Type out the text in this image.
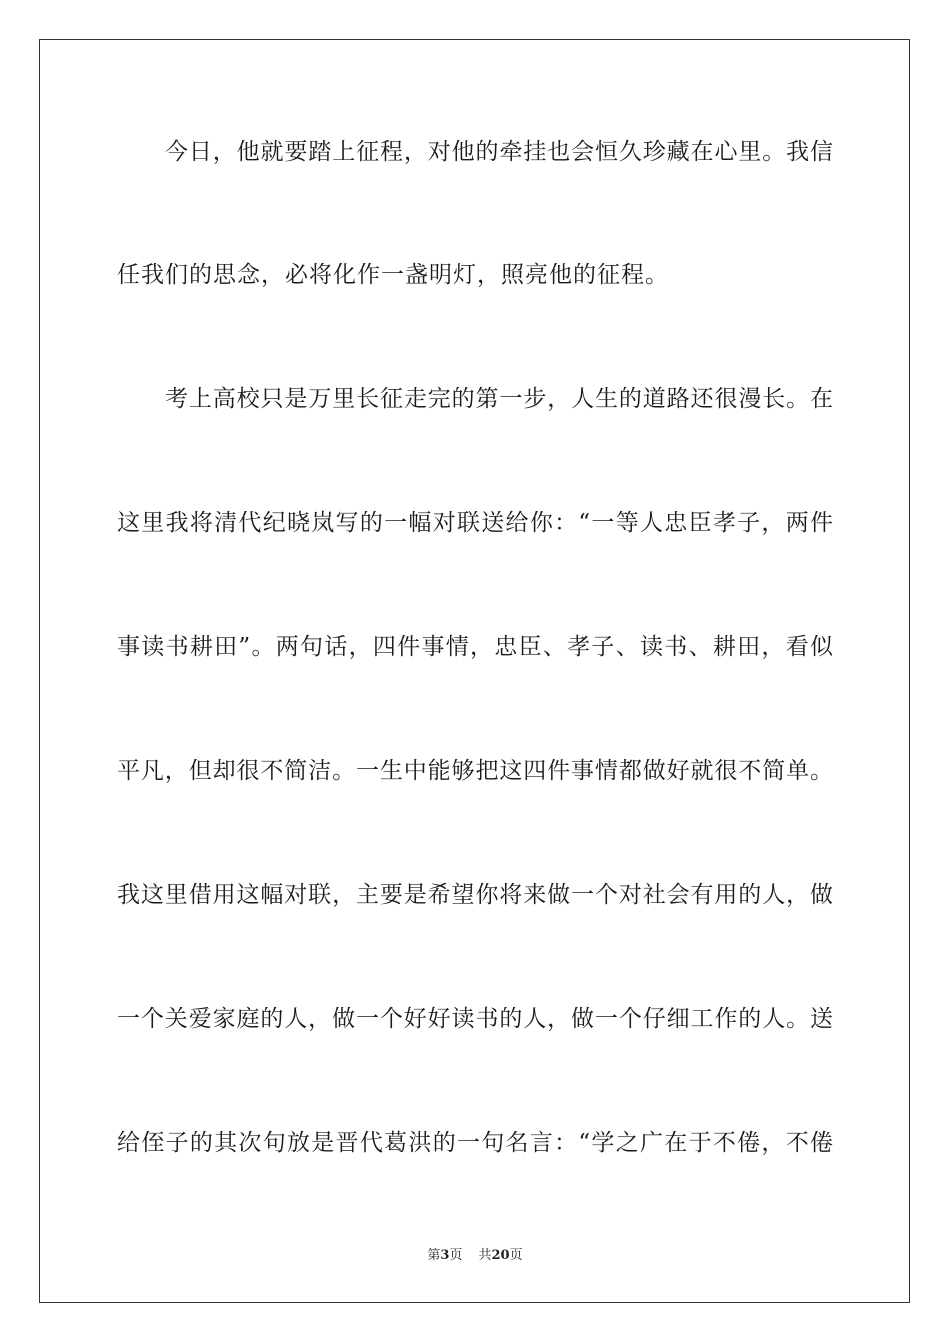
今日，他就要踏上征程，对他的牵挂也会恒久珍藏在心里。我信
任我们的思念，必将化作一盏明灯，照亮他的征程。
考上高校只是万里长征走完的第一步，人生的道路还很漫长。在
这里我将清代纪晓岚写的一幅对联送给你：“一等人忠臣孝子，两件
事读书耕田”。两句话，四件事情，忠臣、孝子、读书、耕田，看似
平凡，但却很不简洁。一生中能够把这四件事情都做好就很不简单。
我这里借用这幅对联，主要是希望你将来做一个对社会有用的人，做
一个关爱家庭的人，做一个好好读书的人，做一个仔细工作的人。送
给侄子的其次句放是晋代葛洪的一句名言：“学之广在于不倦，不倦
第3页 共20页
